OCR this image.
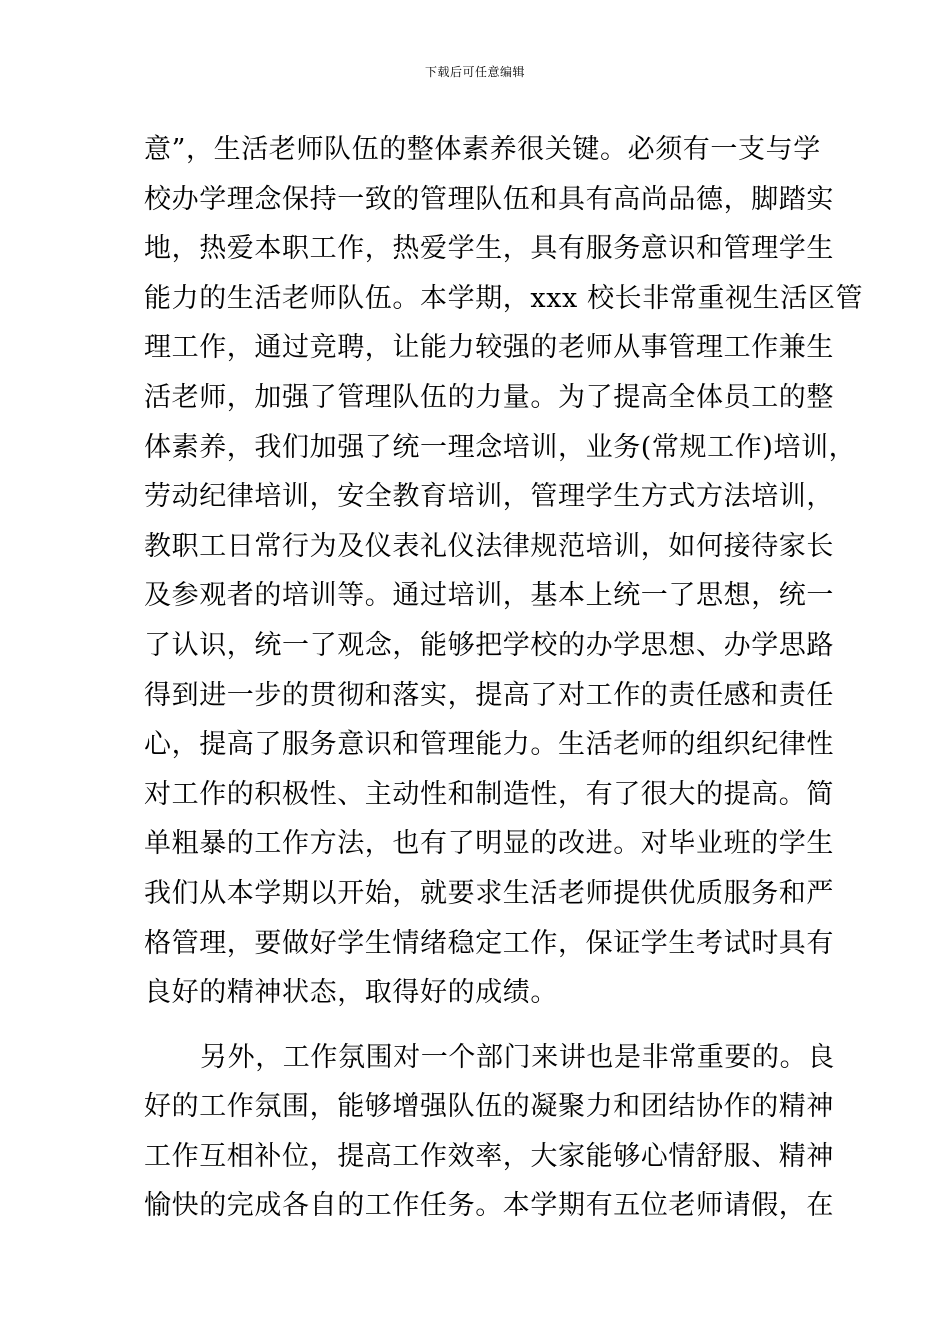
下载后可任意编辑
意”，生活老师队伍的整体素养很关键。必须有一支与学
校办学理念保持一致的管理队伍和具有高尚品德，脚踏实
地，热爱本职工作，热爱学生，具有服务意识和管理学生
能力的生活老师队伍。本学期，xxx 校长非常重视生活区管
理工作，通过竞聘，让能力较强的老师从事管理工作兼生
活老师，加强了管理队伍的力量。为了提高全体员工的整
体素养，我们加强了统一理念培训，业务(常规工作)培训，
劳动纪律培训，安全教育培训，管理学生方式方法培训，
教职工日常行为及仪表礼仪法律规范培训，如何接待家长
及参观者的培训等。通过培训，基本上统一了思想，统一
了认识，统一了观念，能够把学校的办学思想、办学思路
得到进一步的贯彻和落实，提高了对工作的责任感和责任
心，提高了服务意识和管理能力。生活老师的组织纪律性
对工作的积极性、主动性和制造性，有了很大的提高。简
单粗暴的工作方法，也有了明显的改进。对毕业班的学生
我们从本学期以开始，就要求生活老师提供优质服务和严
格管理，要做好学生情绪稳定工作，保证学生考试时具有
良好的精神状态，取得好的成绩。
另外，工作氛围对一个部门来讲也是非常重要的。良
好的工作氛围，能够增强队伍的凝聚力和团结协作的精神
工作互相补位，提高工作效率，大家能够心情舒服、精神
愉快的完成各自的工作任务。本学期有五位老师请假，在
